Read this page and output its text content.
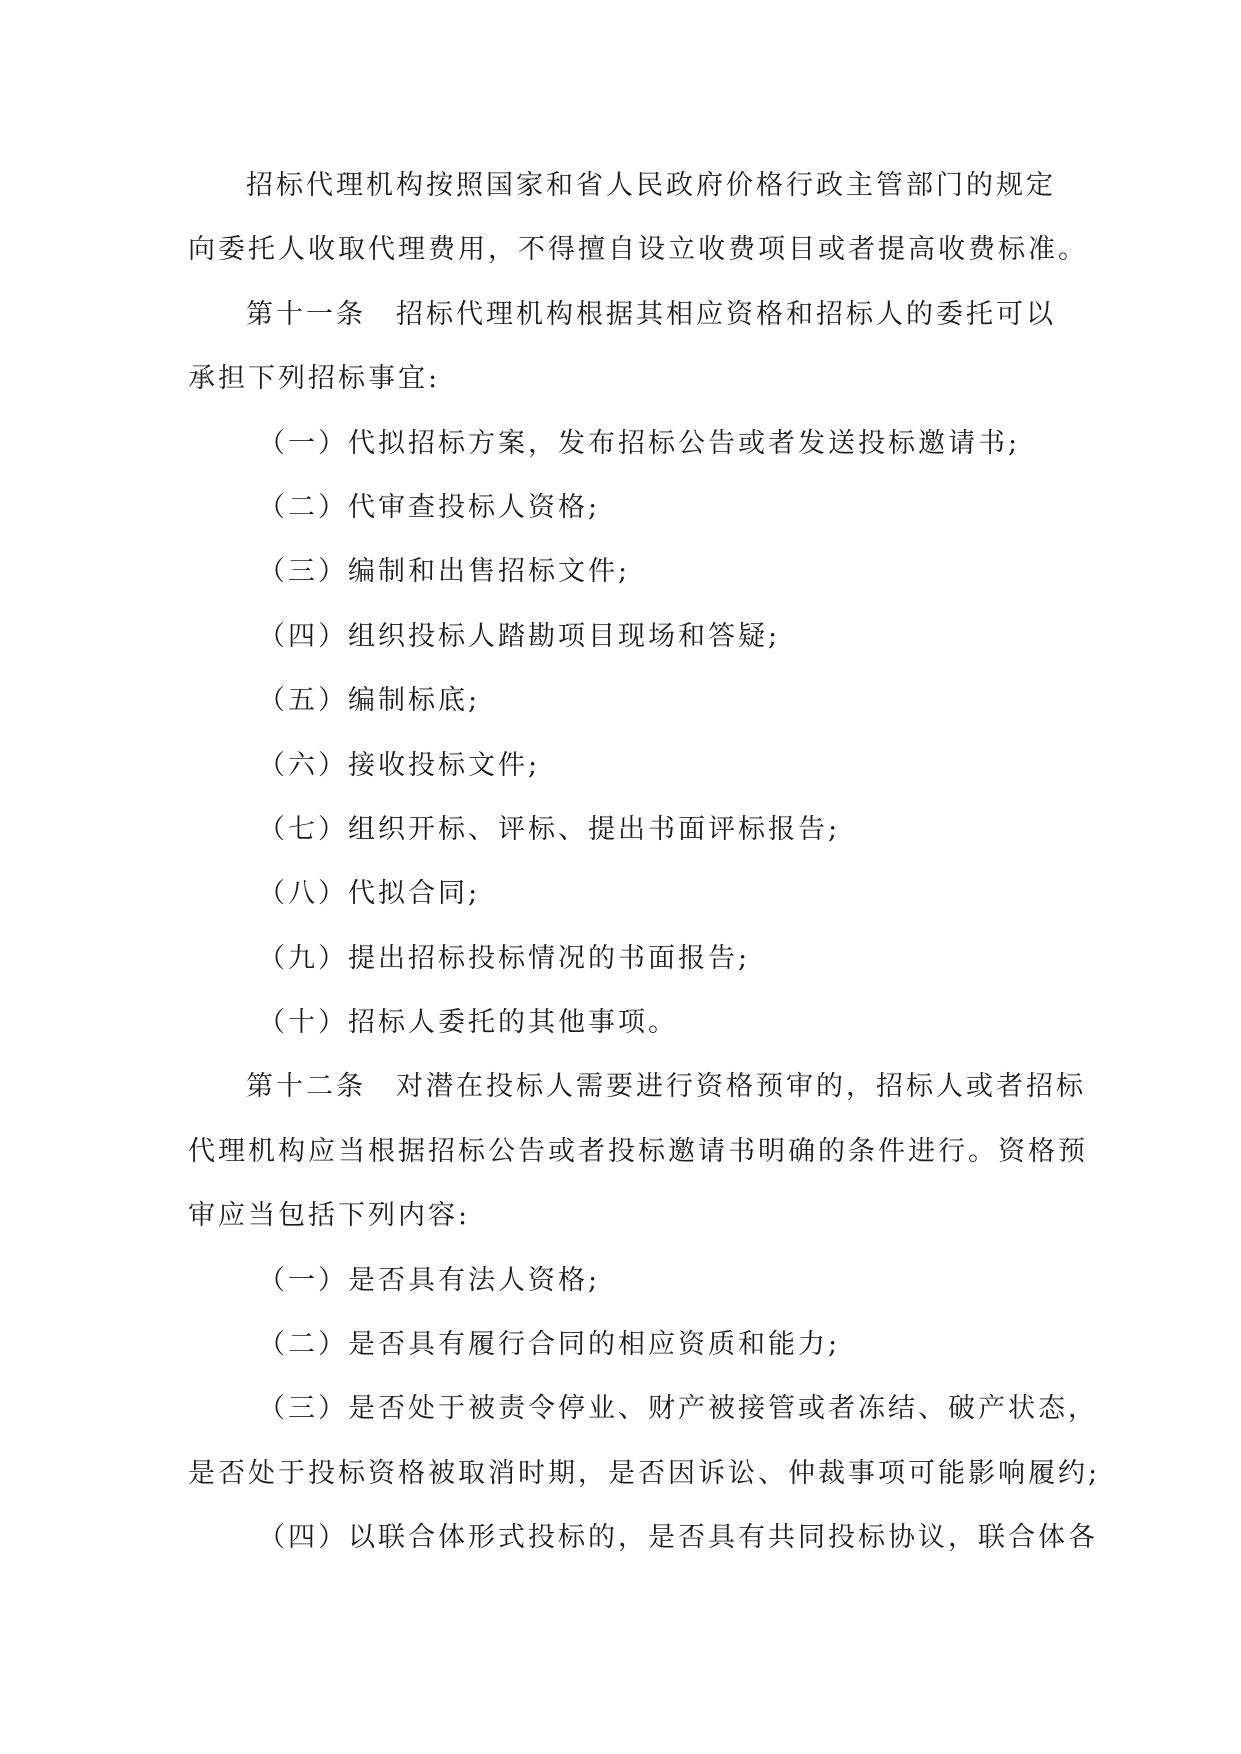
招标代理机构按照国家和省人民政府价格行政主管部门的规定
向委托人收取代理费用，不得擅自设立收费项目或者提高收费标准。
第十一条　招标代理机构根据其相应资格和招标人的委托可以
承担下列招标事宜:
（一）代拟招标方案，发布招标公告或者发送投标邀请书;
（二）代审查投标人资格;
（三）编制和出售招标文件;
（四）组织投标人踏勘项目现场和答疑;
（五）编制标底;
（六）接收投标文件;
（七）组织开标、评标、提出书面评标报告;
（八）代拟合同;
（九）提出招标投标情况的书面报告;
（十）招标人委托的其他事项。
第十二条　对潜在投标人需要进行资格预审的，招标人或者招标
代理机构应当根据招标公告或者投标邀请书明确的条件进行。资格预
审应当包括下列内容:
（一）是否具有法人资格;
（二）是否具有履行合同的相应资质和能力;
（三）是否处于被责令停业、财产被接管或者冻结、破产状态，
是否处于投标资格被取消时期，是否因诉讼、仲裁事项可能影响履约;
（四）以联合体形式投标的，是否具有共同投标协议，联合体各
